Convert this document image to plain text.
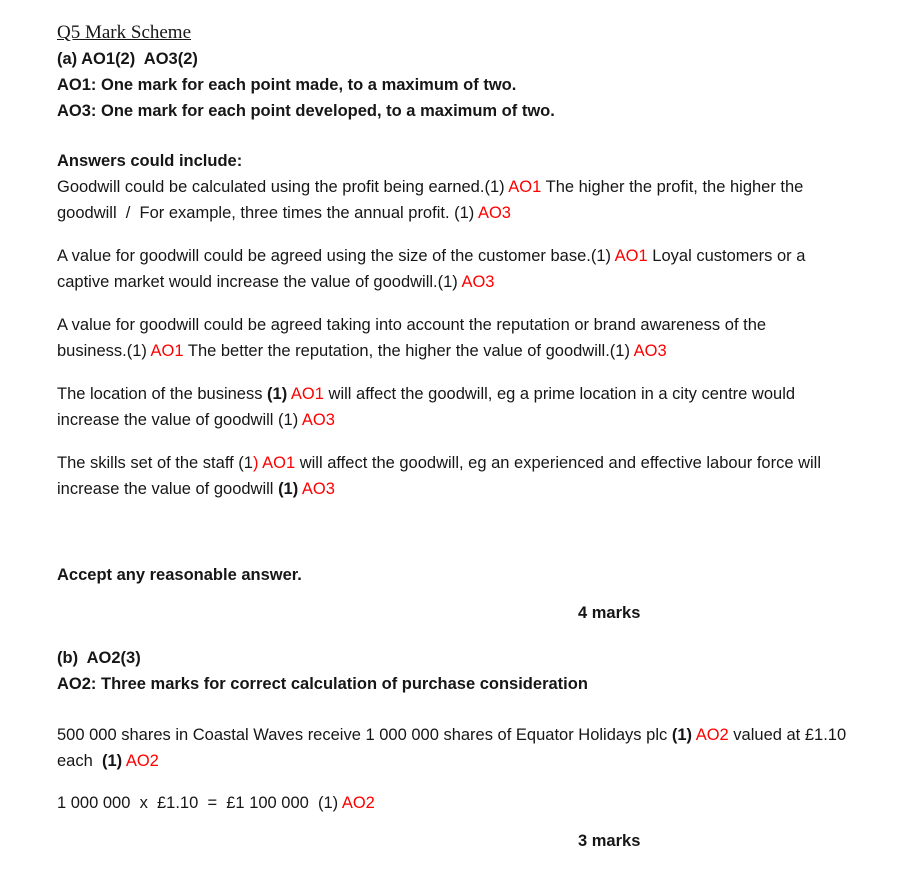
Q5 Mark Scheme
(a) AO1(2)  AO3(2)
AO1: One mark for each point made, to a maximum of two.
AO3: One mark for each point developed, to a maximum of two.
Answers could include:
Goodwill could be calculated using the profit being earned.(1) AO1 The higher the profit, the higher the
goodwill  /  For example, three times the annual profit. (1) AO3
A value for goodwill could be agreed using the size of the customer base.(1) AO1 Loyal customers or a
captive market would increase the value of goodwill.(1) AO3
A value for goodwill could be agreed taking into account the reputation or brand awareness of the
business.(1) AO1 The better the reputation, the higher the value of goodwill.(1) AO3
The location of the business (1) AO1 will affect the goodwill, eg a prime location in a city centre would
increase the value of goodwill (1) AO3
The skills set of the staff (1) AO1 will affect the goodwill, eg an experienced and effective labour force will
increase the value of goodwill (1) AO3
Accept any reasonable answer.
4 marks
(b)  AO2(3)
AO2: Three marks for correct calculation of purchase consideration
500 000 shares in Coastal Waves receive 1 000 000 shares of Equator Holidays plc (1) AO2 valued at £1.10
each  (1) AO2
1 000 000  x  £1.10  =  £1 100 000  (1) AO2
3 marks
